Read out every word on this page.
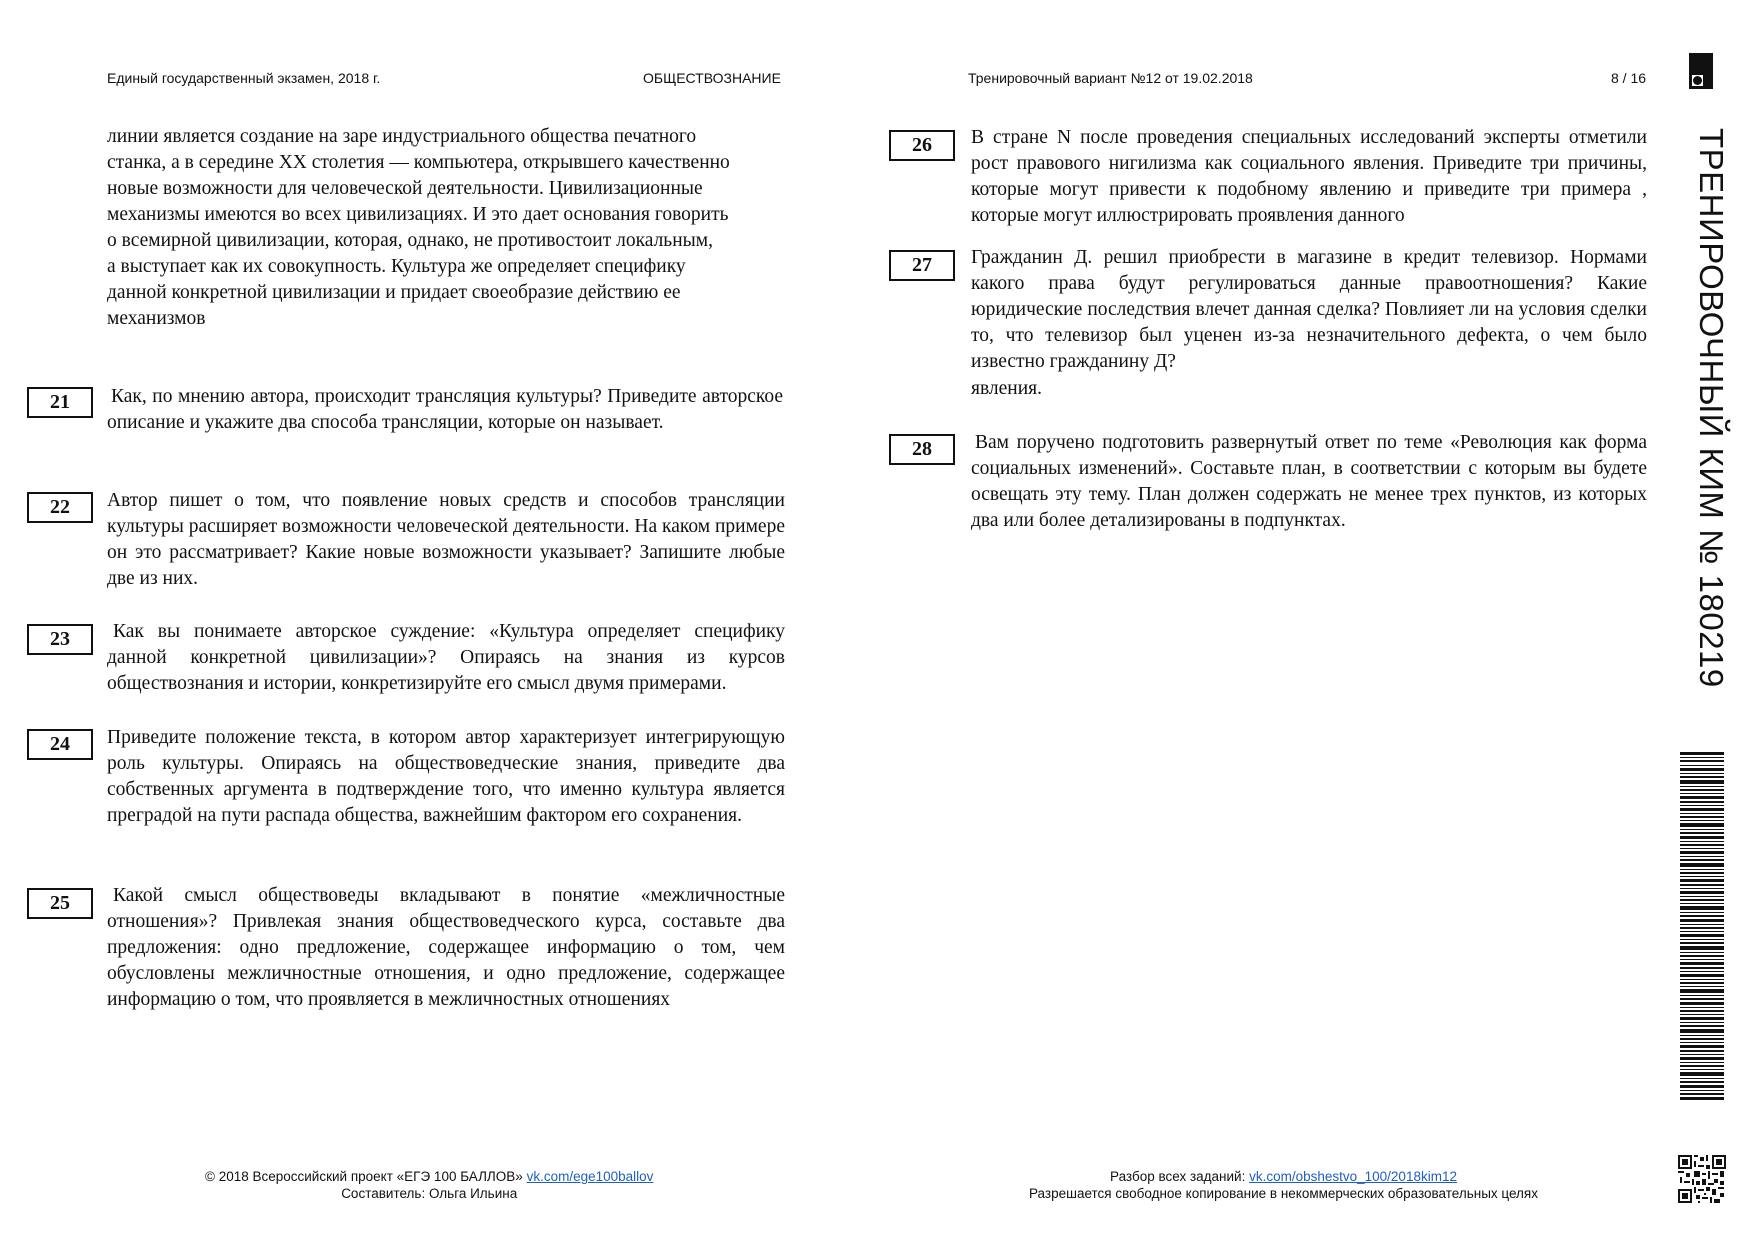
Единый государственный экзамен, 2018 г.	ОБЩЕСТВОЗНАНИЕ	Тренировочный вариант №12 от 19.02.2018	8 / 16
линии является создание на заре индустриального общества печатного
станка, а в середине XX столетия — компьютера, открывшего качественно
новые возможности для человеческой деятельности. Цивилизационные
механизмы имеются во всех цивилизациях. И это дает основания говорить
о всемирной цивилизации, которая, однако, не противостоит локальным,
а выступает как их совокупность. Культура же определяет специфику
данной конкретной цивилизации и придает своеобразие действию ее
механизмов
21	Как, по мнению автора, происходит трансляция культуры? Приведите авторское описание и укажите два способа трансляции, которые он называет.
22	Автор пишет о том, что появление новых средств и способов трансляции культуры расширяет возможности человеческой деятельности. На каком примере он это рассматривает? Какие новые возможности указывает? Запишите любые две из них.
23	Как вы понимаете авторское суждение: «Культура определяет специфику данной конкретной цивилизации»? Опираясь на знания из курсов обществознания и истории, конкретизируйте его смысл двумя примерами.
24	Приведите положение текста, в котором автор характеризует интегрирующую роль культуры. Опираясь на обществоведческие знания, приведите два собственных аргумента в подтверждение того, что именно культура является преградой на пути распада общества, важнейшим фактором его сохранения.
25	Какой смысл обществоведы вкладывают в понятие «межличностные отношения»? Привлекая знания обществоведческого курса, составьте два предложения: одно предложение, содержащее информацию о том, чем обусловлены межличностные отношения, и одно предложение, содержащее информацию о том, что проявляется в межличностных отношениях
26	В стране N после проведения специальных исследований эксперты отметили рост правового нигилизма как социального явления. Приведите три причины, которые могут привести к подобному явлению и приведите три примера , которые могут иллюстрировать проявления данного
27	Гражданин Д. решил приобрести в магазине в кредит телевизор. Нормами какого права будут регулироваться данные правоотношения? Какие юридические последствия влечет данная сделка? Повлияет ли на условия сделки то, что телевизор был уценен из-за незначительного дефекта, о чем было известно гражданину Д?
явления.
28	Вам поручено подготовить развернутый ответ по теме «Революция как форма социальных изменений». Составьте план, в соответствии с которым вы будете освещать эту тему. План должен содержать не менее трех пунктов, из которых два или более детализированы в подпунктах.	ТРЕНИРОВОЧНЫЙ КИМ № 180219
© 2018 Всероссийский проект «ЕГЭ 100 БАЛЛОВ» vk.com/ege100ballov
Составитель: Ольга Ильина
Разбор всех заданий: vk.com/obshestvo_100/2018kim12
Разрешается свободное копирование в некоммерческих образовательных целях
